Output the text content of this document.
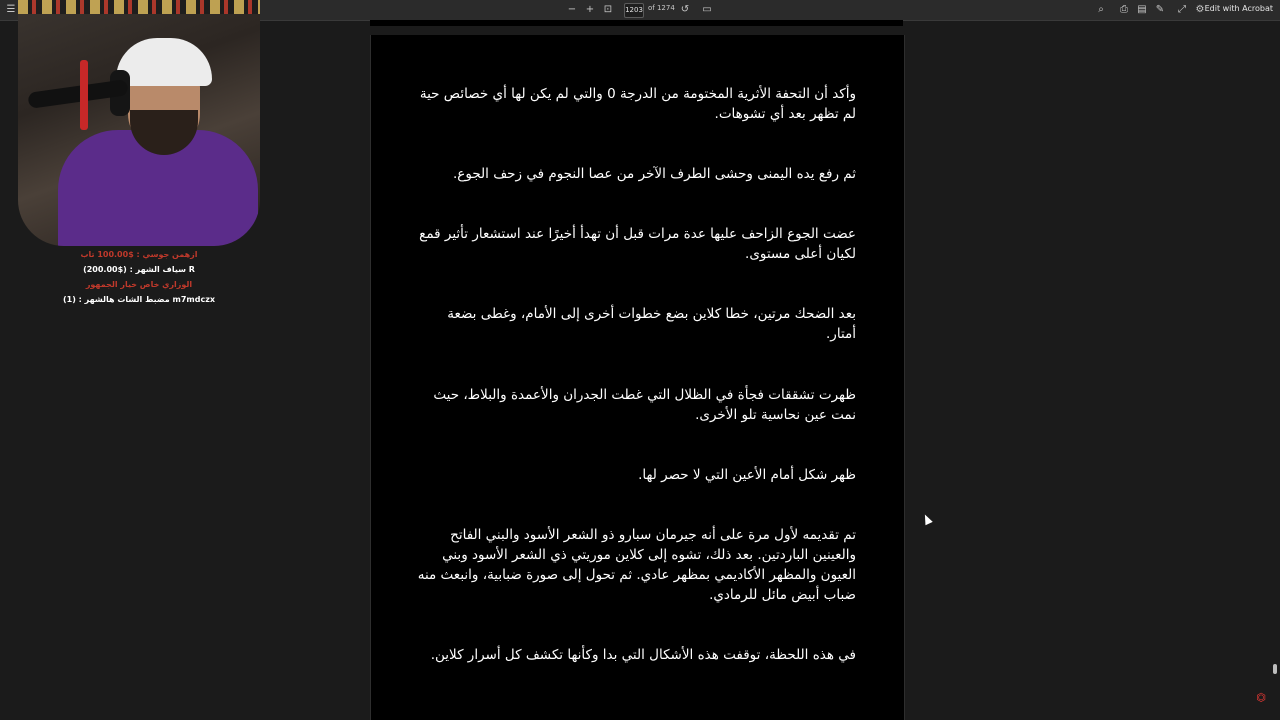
☰	− + ⊡	1203 of 1274 ↺ ▭	⌕	⎙ ▤ ✎	⤢ ⚙ Edit with Acrobat
ازهمن جوسي : $100.00 تاب
سياف الشهر : ($200.00) R
الوزاري خاص خيار الجمهور
مضبط الشات هالشهر : (1) m7mdczx
وأكد أن التحفة الأثرية المختومة من الدرجة 0 والتي لم يكن لها أي خصائص حية لم تظهر بعد أي تشوهات.
ثم رفع يده اليمنى وحشى الطرف الآخر من عصا النجوم في زحف الجوع.
عضت الجوع الزاحف عليها عدة مرات قبل أن تهدأ أخيرًا عند استشعار تأثير قمع لكيان أعلى مستوى.
بعد الضحك مرتين، خطا كلاين بضع خطوات أخرى إلى الأمام، وغطى بضعة أمتار.
ظهرت تشققات فجأة في الظلال التي غطت الجدران والأعمدة والبلاط، حيث نمت عين نحاسية تلو الأخرى.
ظهر شكل أمام الأعين التي لا حصر لها.
تم تقديمه لأول مرة على أنه جيرمان سبارو ذو الشعر الأسود والبني الفاتح والعينين الباردتين. بعد ذلك، تشوه إلى كلاين موريتي ذي الشعر الأسود وبني العيون والمظهر الأكاديمي بمظهر عادي. ثم تحول إلى صورة ضبابية، وانبعث منه ضباب أبيض مائل للرمادي.
في هذه اللحظة، توقفت هذه الأشكال التي بدا وكأنها تكشف كل أسرار كلاين.
⏣
